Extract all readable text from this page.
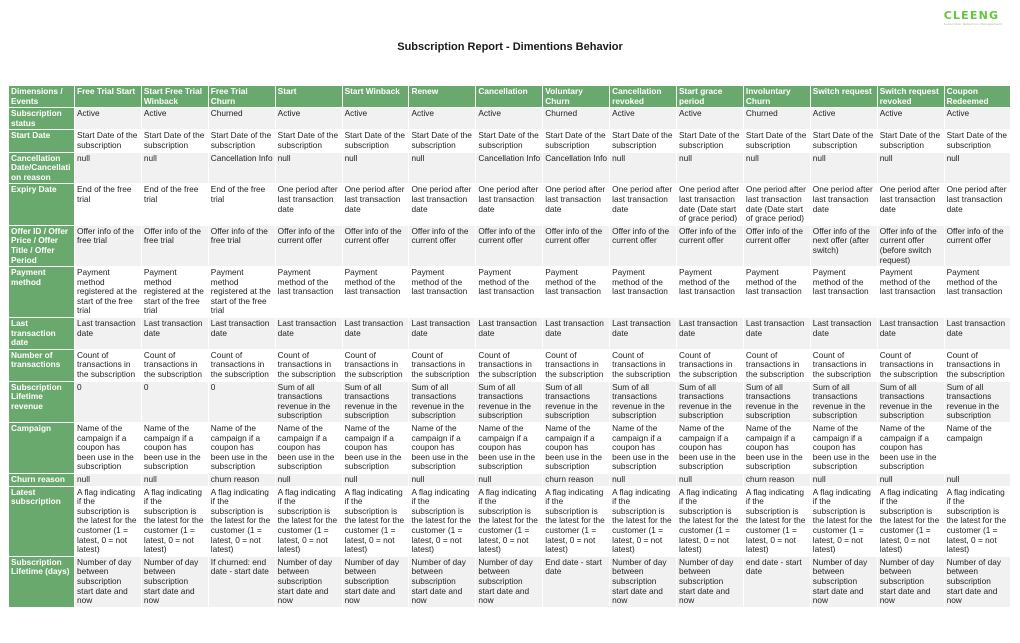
CLEENG
Subscriber Retention Management
Subscription Report - Dimentions Behavior
Dimensions / Events	Free Trial Start	Start Free Trial Winback	Free Trial Churn	Start	Start Winback	Renew	Cancellation	Voluntary Churn	Cancellation revoked	Start grace period	Involuntary Churn	Switch request	Switch request revoked	Coupon Redeemed
Subscription status	Active	Active	Churned	Active	Active	Active	Active	Churned	Active	Active	Churned	Active	Active	Active
Start Date	Start Date of the subscription	Start Date of the subscription	Start Date of the subscription	Start Date of the subscription	Start Date of the subscription	Start Date of the subscription	Start Date of the subscription	Start Date of the subscription	Start Date of the subscription	Start Date of the subscription	Start Date of the subscription	Start Date of the subscription	Start Date of the subscription	Start Date of the subscription
Cancellation Date/Cancellation reason	null	null	Cancellation Info	null	null	null	Cancellation Info	Cancellation Info	null	null	null	null	null	null
Expiry Date	End of the free trial	End of the free trial	End of the free trial	One period after last transaction date	One period after last transaction date	One period after last transaction date	One period after last transaction date	One period after last transaction date	One period after last transaction date	One period after last transaction date (Date start of grace period)	One period after last transaction date (Date start of grace period)	One period after last transaction date	One period after last transaction date	One period after last transaction date
Offer ID / Offer Price / Offer Title / Offer Period	Offer info of the free trial	Offer info of the free trial	Offer info of the free trial	Offer info of the current offer	Offer info of the current offer	Offer info of the current offer	Offer info of the current offer	Offer info of the current offer	Offer info of the current offer	Offer info of the current offer	Offer info of the current offer	Offer info of the next offer (after switch)	Offer info of the current offer (before switch request)	Offer info of the current offer
Payment method	Payment method registered at the start of the free trial	Payment method registered at the start of the free trial	Payment method registered at the start of the free trial	Payment method of the last transaction	Payment method of the last transaction	Payment method of the last transaction	Payment method of the last transaction	Payment method of the last transaction	Payment method of the last transaction	Payment method of the last transaction	Payment method of the last transaction	Payment method of the last transaction	Payment method of the last transaction	Payment method of the last transaction
Last transaction date	Last transaction date	Last transaction date	Last transaction date	Last transaction date	Last transaction date	Last transaction date	Last transaction date	Last transaction date	Last transaction date	Last transaction date	Last transaction date	Last transaction date	Last transaction date	Last transaction date
Number of transactions	Count of transactions in the subscription	Count of transactions in the subscription	Count of transactions in the subscription	Count of transactions in the subscription	Count of transactions in the subscription	Count of transactions in the subscription	Count of transactions in the subscription	Count of transactions in the subscription	Count of transactions in the subscription	Count of transactions in the subscription	Count of transactions in the subscription	Count of transactions in the subscription	Count of transactions in the subscription	Count of transactions in the subscription
Subscription Lifetime revenue	0	0	0	Sum of all transactions revenue in the subscription	Sum of all transactions revenue in the subscription	Sum of all transactions revenue in the subscription	Sum of all transactions revenue in the subscription	Sum of all transactions revenue in the subscription	Sum of all transactions revenue in the subscription	Sum of all transactions revenue in the subscription	Sum of all transactions revenue in the subscription	Sum of all transactions revenue in the subscription	Sum of all transactions revenue in the subscription	Sum of all transactions revenue in the subscription
Campaign	Name of the campaign if a coupon has been use in the subscription	Name of the campaign if a coupon has been use in the subscription	Name of the campaign if a coupon has been use in the subscription	Name of the campaign if a coupon has been use in the subscription	Name of the campaign if a coupon has been use in the subscription	Name of the campaign if a coupon has been use in the subscription	Name of the campaign if a coupon has been use in the subscription	Name of the campaign if a coupon has been use in the subscription	Name of the campaign if a coupon has been use in the subscription	Name of the campaign if a coupon has been use in the subscription	Name of the campaign if a coupon has been use in the subscription	Name of the campaign if a coupon has been use in the subscription	Name of the campaign if a coupon has been use in the subscription	Name of the campaign
Churn reason	null	null	churn reason	null	null	null	null	churn reason	null	null	churn reason	null	null	null
Latest subscription	A flag indicating if the subscription is the latest for the customer (1 = latest, 0 = not latest)	A flag indicating if the subscription is the latest for the customer (1 = latest, 0 = not latest)	A flag indicating if the subscription is the latest for the customer (1 = latest, 0 = not latest)	A flag indicating if the subscription is the latest for the customer (1 = latest, 0 = not latest)	A flag indicating if the subscription is the latest for the customer (1 = latest, 0 = not latest)	A flag indicating if the subscription is the latest for the customer (1 = latest, 0 = not latest)	A flag indicating if the subscription is the latest for the customer (1 = latest, 0 = not latest)	A flag indicating if the subscription is the latest for the customer (1 = latest, 0 = not latest)	A flag indicating if the subscription is the latest for the customer (1 = latest, 0 = not latest)	A flag indicating if the subscription is the latest for the customer (1 = latest, 0 = not latest)	A flag indicating if the subscription is the latest for the customer (1 = latest, 0 = not latest)	A flag indicating if the subscription is the latest for the customer (1 = latest, 0 = not latest)	A flag indicating if the subscription is the latest for the customer (1 = latest, 0 = not latest)	A flag indicating if the subscription is the latest for the customer (1 = latest, 0 = not latest)
Subscription Lifetime (days)	Number of day between subscription start date and now	Number of day between subscription start date and now	If churned: end date - start date	Number of day between subscription start date and now	Number of day between subscription start date and now	Number of day between subscription start date and now	Number of day between subscription start date and now	End date - start date	Number of day between subscription start date and now	Number of day between subscription start date and now	end date - start date	Number of day between subscription start date and now	Number of day between subscription start date and now	Number of day between subscription start date and now
